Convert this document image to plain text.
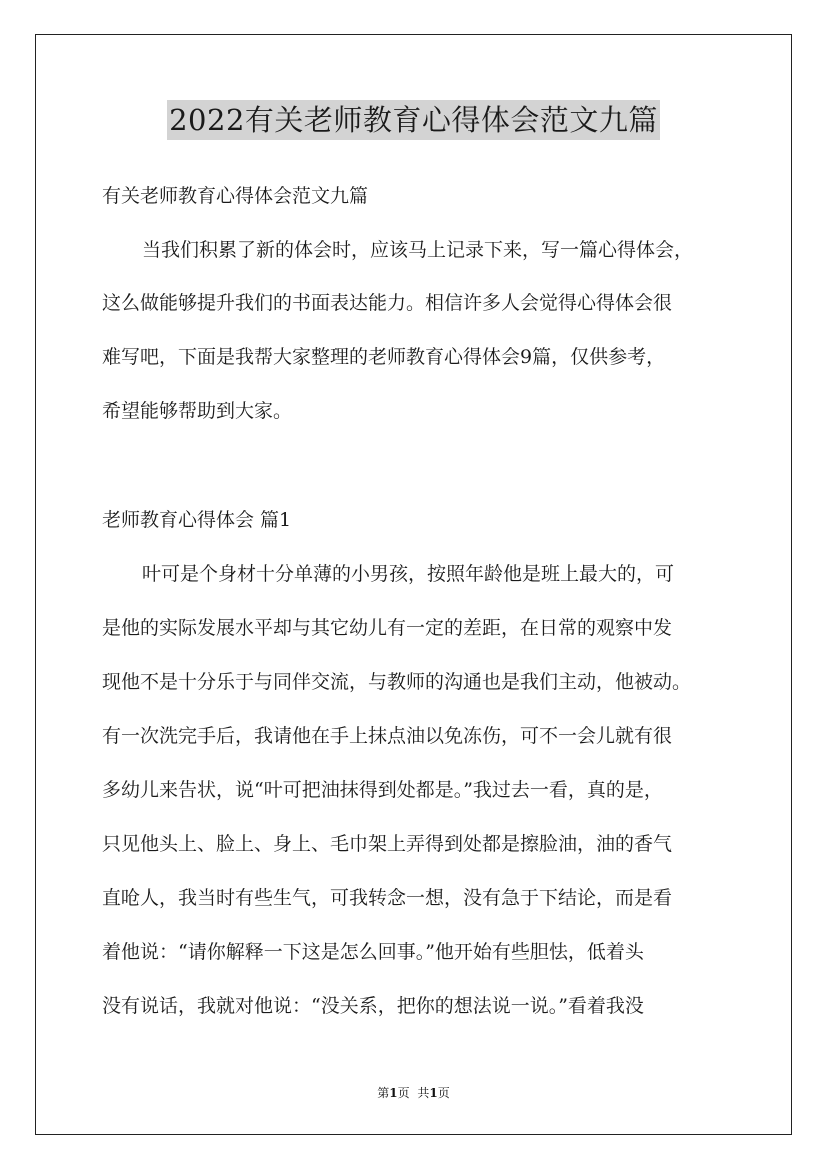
2022有关老师教育心得体会范文九篇
有关老师教育心得体会范文九篇
当我们积累了新的体会时，应该马上记录下来，写一篇心得体会，
这么做能够提升我们的书面表达能力。相信许多人会觉得心得体会很
难写吧，下面是我帮大家整理的老师教育心得体会9篇，仅供参考，
希望能够帮助到大家。
老师教育心得体会 篇1
叶可是个身材十分单薄的小男孩，按照年龄他是班上最大的，可
是他的实际发展水平却与其它幼儿有一定的差距，在日常的观察中发
现他不是十分乐于与同伴交流，与教师的沟通也是我们主动，他被动。
有一次洗完手后，我请他在手上抹点油以免冻伤，可不一会儿就有很
多幼儿来告状，说“叶可把油抹得到处都是。”我过去一看，真的是，
只见他头上、脸上、身上、毛巾架上弄得到处都是擦脸油，油的香气
直呛人，我当时有些生气，可我转念一想，没有急于下结论，而是看
着他说：“请你解释一下这是怎么回事。”他开始有些胆怯，低着头
没有说话，我就对他说：“没关系，把你的想法说一说。”看着我没
第1页 共1页
